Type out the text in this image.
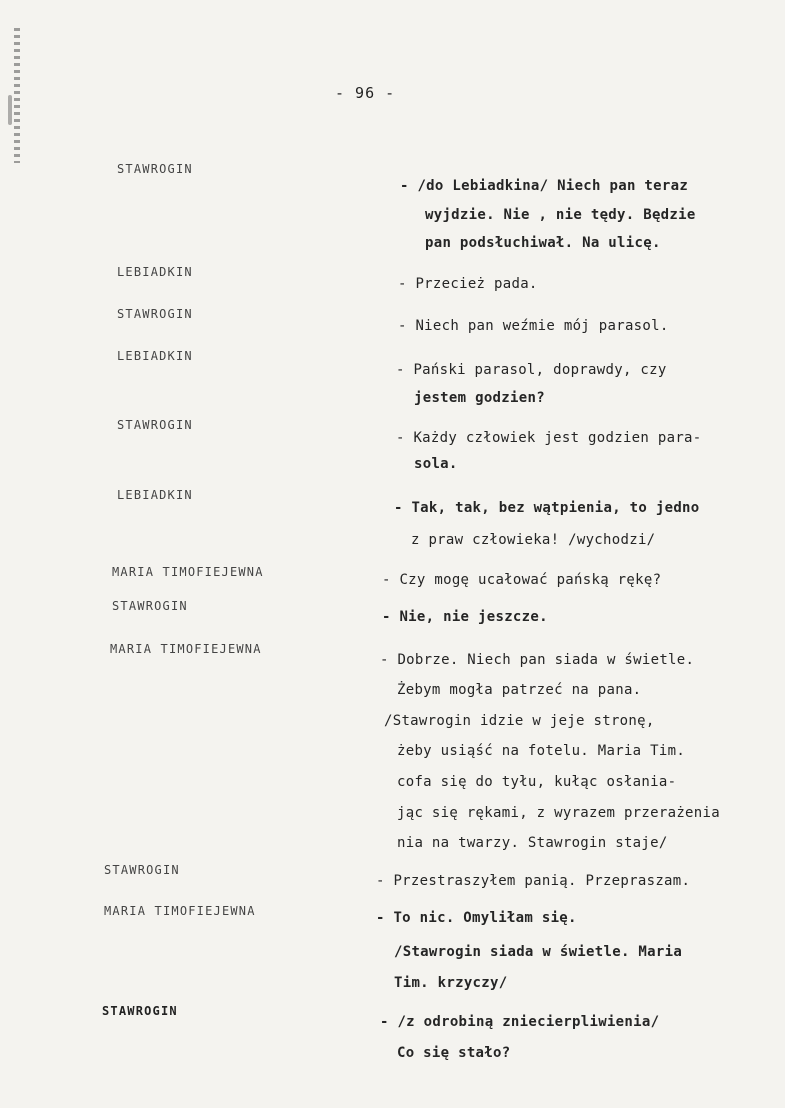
- 96 -
STAWROGIN
- /do Lebiadkina/ Niech pan teraz
wyjdzie. Nie , nie tędy. Będzie
pan podsłuchiwał. Na ulicę.
LEBIADKIN
- Przecież pada.
STAWROGIN
- Niech pan weźmie mój parasol.
LEBIADKIN
- Pański parasol, doprawdy, czy
jestem godzien?
STAWROGIN
- Każdy człowiek jest godzien para-
sola.
LEBIADKIN
- Tak, tak, bez wątpienia, to jedno
z praw człowieka! /wychodzi/
MARIA TIMOFIEJEWNA	- Czy mogę ucałować pańską rękę?
STAWROGIN
- Nie, nie jeszcze.
MARIA TIMOFIEJEWNA
- Dobrze. Niech pan siada w świetle.
Żebym mogła patrzeć na pana.
/Stawrogin idzie w jeje stronę,
żeby usiąść na fotelu. Maria Tim.
cofa się do tyłu, kułąc osłania-
jąc się rękami, z wyrazem przerażenia
nia na twarzy. Stawrogin staje/
STAWROGIN
- Przestraszyłem panią. Przepraszam.
MARIA TIMOFIEJEWNA	- To nic. Omyliłam się.
/Stawrogin siada w świetle. Maria
Tim. krzyczy/
STAWROGIN
- /z odrobiną zniecierpliwienia/
Co się stało?
